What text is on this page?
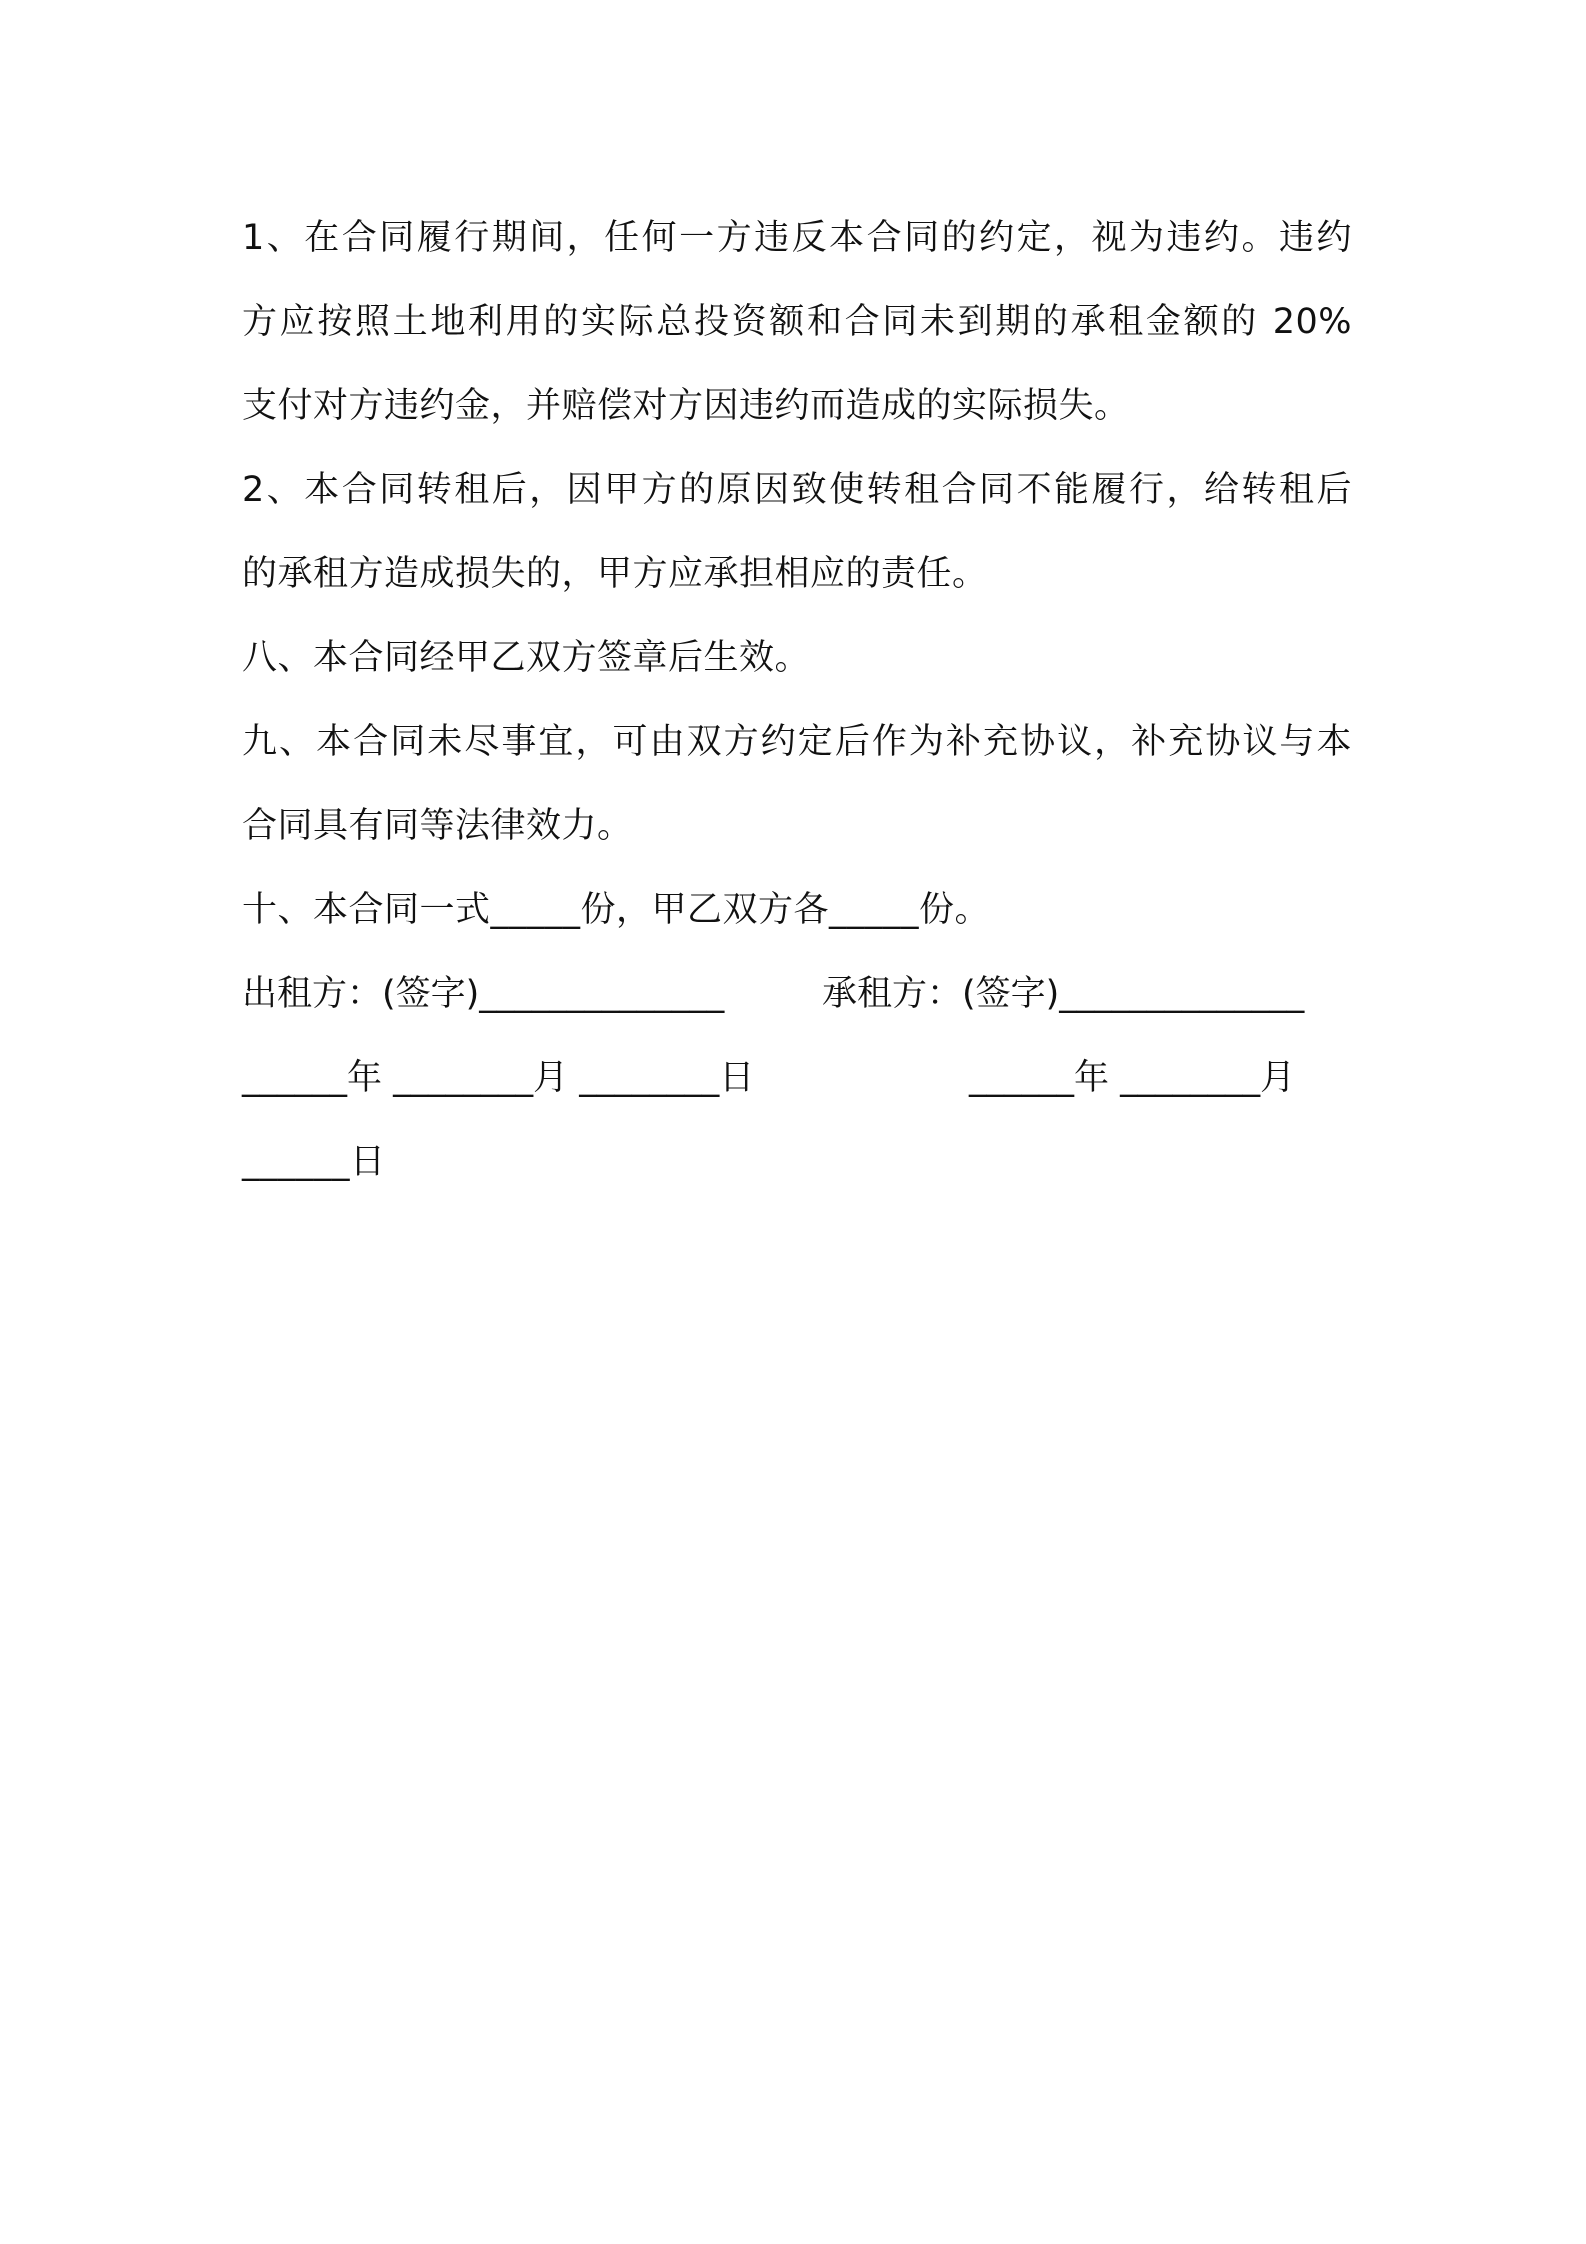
1、在合同履行期间，任何一方违反本合同的约定，视为违约。违约
方应按照土地利用的实际总投资额和合同未到期的承租金额的 20%
支付对方违约金，并赔偿对方因违约而造成的实际损失。
2、本合同转租后，因甲方的原因致使转租合同不能履行，给转租后
的承租方造成损失的，甲方应承担相应的责任。
八、本合同经甲乙双方签章后生效。
九、本合同未尽事宜，可由双方约定后作为补充协议，补充协议与本
合同具有同等法律效力。
十、本合同一式_____份，甲乙双方各_____份。
出租方：(签字)______________	承租方：(签字)______________
______年 ________月 ________日	______年 ________月
______日
